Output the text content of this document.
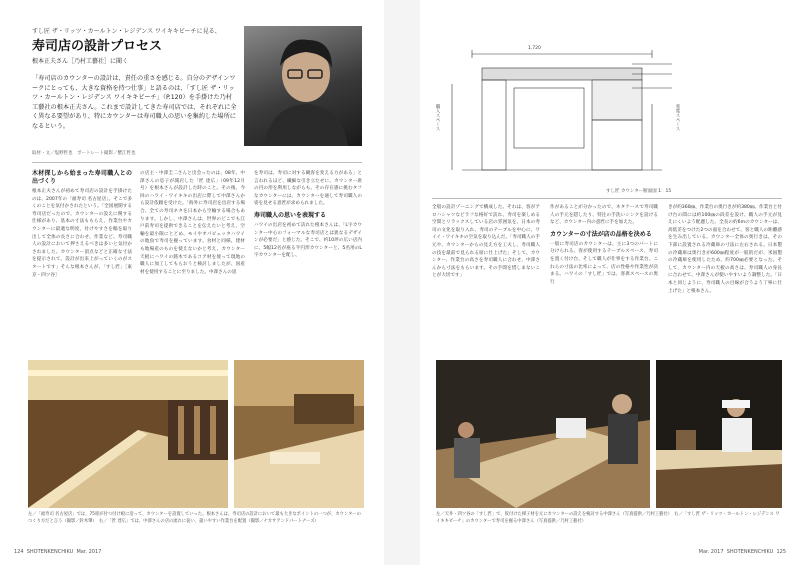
すし匠 ザ・リッツ・カールトン・レジデンス ワイキキビーチに見る、
寿司店の設計プロセス
根本正夫さん［乃村工藝社］に聞く
「寿司店のカウンターの設計は、責任の重さを感じる。自分のデザインワークにとっても、大きな資格を持つ仕事」と語るのは、「すし匠 ザ・リッツ・カールトン・レジデンス ワイキキビーチ」（P.120）を手掛けた乃村工藝社の根本正夫さん。これまで設計してきた寿司店では、それぞれに全く異なる要望があり、特にカウンターは寿司職人の思いを集約した場所になるという。
取材・文／塩野哲也　ポートレート撮影／蟹江哲也
木材探しから始まった寿司職人との出づくり

根本正夫さんが初めて寿司店の設計を手掛けたのは、2007年の「福寿司 名古屋店」。そこで多くのことを気付かされたという。「全国展開する寿司店だったので、カウンターの設えに関する仕様があり、基本の寸法ももらえ、作業台やカウンターに最適な明度、付けやすさを幅を取り出して全体の長さに合わせ、作業など、寿司職人の設計において押さえるべきは多いと気付かされました。カウンター頂点などと正確な寸法を提示されて、設計が出来上がっていくのがスタートです」そんな根本さんが、「すし匠」［東京・四ツ谷］

の店主・中澤圭二さんと出会ったのは、08年。中澤さんの息子が開店した「匠 達広」（09年12月号）を根本さんが設計した時のこと。その後、今回のハワイ・ワイキキの出店に際して中澤さんから設計依頼を受けた。「海外に寿司店を出店する場合、全ての寿司ネタを日本から空輸する場合もあります。しかし、中澤さんは、世界のどこでも江戸前寿司を提供できることを伝えたいと考え、空輸を最小限にとどめ、モイやオパピェッタハワイの地魚で寿司を握っています。食材と同様、建材も地場産のものを使えないかと考え、カウンター天板にハワイの銘木であるコア材を使って現地の職人に加工してもらおうと検討しましたが、国産材を使用することに至りました。中澤さんの思

を寿司は、寿司に対する観客を変える力がある」と言われるほど、繊細な引き立たせに、カウンター席の円の形を利用しながらも、その存在感に挑むタフなカウンターには、カウンターを通して寿司職人の姿を見せる意匠が求められました。

寿司職人の思いを表現する

ハワイの出店を初めて訪れた根本さんは、「L字カウンター中心のフォーマルな寿司店とは異なるデザインが必要だ」と感じた。そこで、約10坪の広い店内に、5幅12名が座る半円形カウンターと、5名用のL字カウンターを配し、

左／「福寿司 名古屋店」では、75席が付つ付け板に沿って、カウンターを設置していった。根本さんは、寿司店の設計において最も大きなポイントの一つが、カウンターのつくり方だと言う（撮影／鈴木肇）　右／「匠 達広」では、中澤さんの店の流れに従い、扱いやすい作業台を配置（撮影／ナカサアンドパートナーズ）
124 SHOTENKENCHIKU Mar. 2017
1,720
職人スペース	客席スペース
すし匠 カウンター断面図 1：15

全般の設計ゾーニングで構成した。それは、客がアロハシャツなどラフな格好で訪れ、寿司を楽しめる空間とリラックスしている店の雰囲気を、日本の寿司の文化を取り入れ、寿司のテーブルを中心に、ワイイ・ワイキキの空気を取り込んだ。「寿司職人の手元や、カウンターからの見え方を工夫し、寿司職人の技を最前で見られる席に仕上げた」そして、カウンター、作業台の高さを寿司職人に合わせ、中澤さんから寸法をもらいます。その手間を惜しまないことが大切です」

作があることが分かったので、ネタケースで寿司職人の手元を隠したり、特注の手洗いシンクを設けるなど、カウンター内の意匠に手を加えた。

カウンターの寸法が店の品格を決める

一般に寿司店のカウンターは、主に3つのパートに分けられる。客が使用するテーブルスペース、寿司を置く付け台、そして職人が仕事をする作業台。これらの寸法の比率によって、店の性格や作業性が決まる。ハワイの「すし匠」では、客席スペースの奥行

きが約360㎜、作業台の奥行きが約380㎜。作業台と付け台の間には約100㎜の段差を設け、職人の手元が見えにくいよう配慮した。全長の約6mのカウンターは、高低差をつけた2つの面を合わせて、客と職人の距離感を生み出している。カウンター全体の奥行きは、その下部に設置される冷蔵庫の寸法に左右される。日本製の冷蔵庫は奥行きが600㎜程度が一般的だが、米国製の冷蔵庫を使用したため、約700㎜必要となった。そして、カウンター内の天板の高さは、寿司職人の身長に合わせて、中澤さんが使いやすいよう調整した。「日本と同じように、寿司職人の目線が合うよう丁寧に仕上げた」と根本さん。

左／天井・四ツ谷の「すし匠」で、仮付けた梯子材を元にカウンターの設えを検討する中澤さん（写真提供／乃村工藝社）　右／「すし匠 ザ・リッツ・カールトン・レジデンス ワイキキビーチ」のカウンターで寿司を握る中澤さん（写真提供／乃村工藝社）
Mar. 2017 SHOTENKENCHIKU 125
